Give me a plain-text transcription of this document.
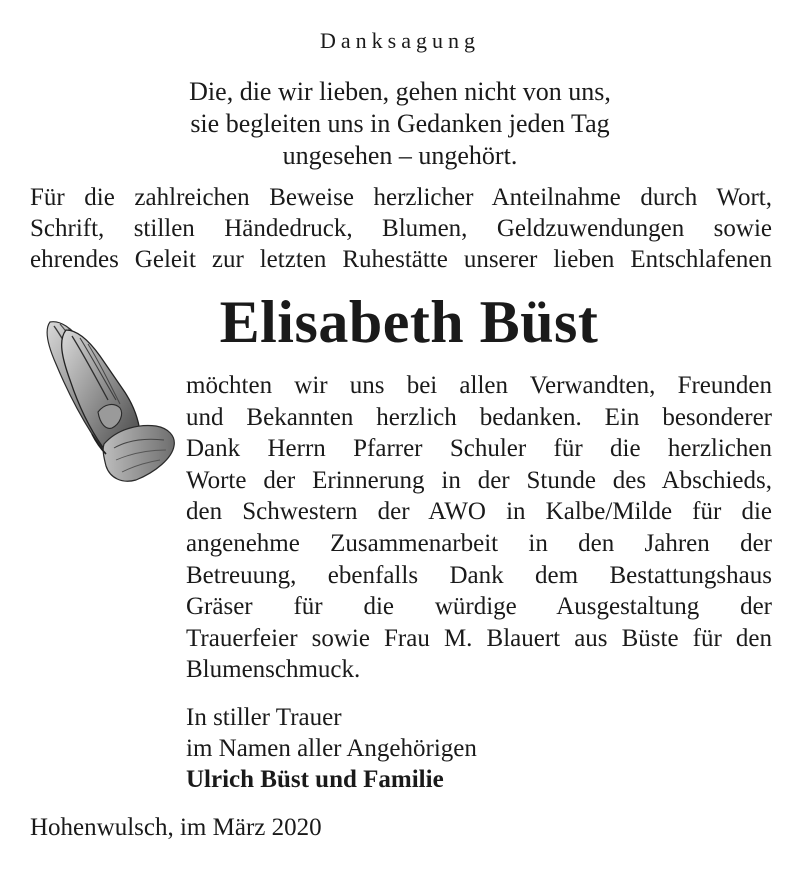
Danksagung
Die, die wir lieben, gehen nicht von uns,
sie begleiten uns in Gedanken jeden Tag
ungesehen – ungehört.
Für die zahlreichen Beweise herzlicher Anteilnahme durch Wort,
Schrift, stillen Händedruck, Blumen, Geldzuwendungen sowie
ehrendes Geleit zur letzten Ruhestätte unserer lieben Entschlafenen
Elisabeth Büst
möchten wir uns bei allen Verwandten, Freunden
und Bekannten herzlich bedanken. Ein besonderer
Dank Herrn Pfarrer Schuler für die herzlichen
Worte der Erinnerung in der Stunde des Abschieds,
den Schwestern der AWO in Kalbe/Milde für die
angenehme Zusammenarbeit in den Jahren der
Betreuung, ebenfalls Dank dem Bestattungshaus
Gräser für die würdige Ausgestaltung der
Trauerfeier sowie Frau M. Blauert aus Büste für den
Blumenschmuck.
In stiller Trauer
im Namen aller Angehörigen
Ulrich Büst und Familie
Hohenwulsch, im März 2020
